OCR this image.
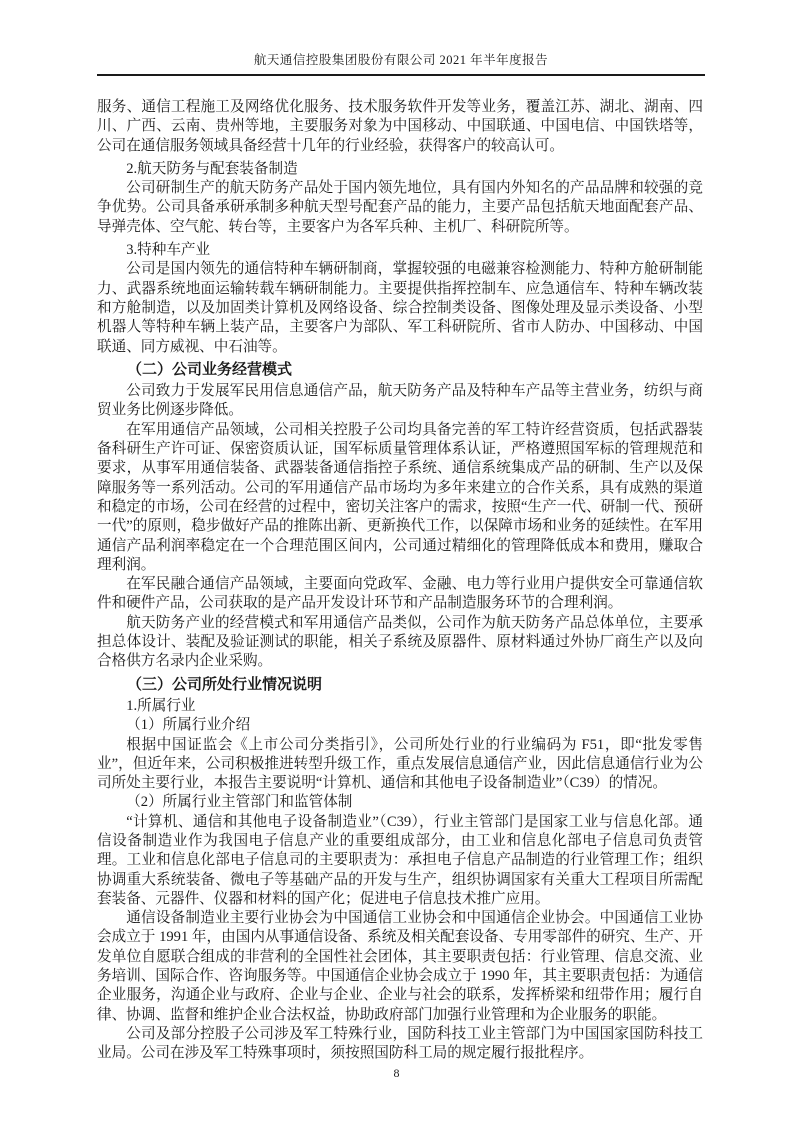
航天通信控股集团股份有限公司 2021 年半年度报告

服务、通信工程施工及网络优化服务、技术服务软件开发等业务，覆盖江苏、湖北、湖南、四川、广西、云南、贵州等地，主要服务对象为中国移动、中国联通、中国电信、中国铁塔等，公司在通信服务领域具备经营十几年的行业经验，获得客户的较高认可。

2.航天防务与配套装备制造

公司研制生产的航天防务产品处于国内领先地位，具有国内外知名的产品品牌和较强的竞争优势。公司具备承研承制多种航天型号配套产品的能力，主要产品包括航天地面配套产品、导弹壳体、空气舵、转台等，主要客户为各军兵种、主机厂、科研院所等。

3.特种车产业

公司是国内领先的通信特种车辆研制商，掌握较强的电磁兼容检测能力、特种方舱研制能力、武器系统地面运输转载车辆研制能力。主要提供指挥控制车、应急通信车、特种车辆改装和方舱制造，以及加固类计算机及网络设备、综合控制类设备、图像处理及显示类设备、小型机器人等特种车辆上装产品，主要客户为部队、军工科研院所、省市人防办、中国移动、中国联通、同方威视、中石油等。

（二）公司业务经营模式

公司致力于发展军民用信息通信产品，航天防务产品及特种车产品等主营业务，纺织与商贸业务比例逐步降低。

在军用通信产品领域，公司相关控股子公司均具备完善的军工特许经营资质，包括武器装备科研生产许可证、保密资质认证，国军标质量管理体系认证，严格遵照国军标的管理规范和要求，从事军用通信装备、武器装备通信指控子系统、通信系统集成产品的研制、生产以及保障服务等一系列活动。公司的军用通信产品市场均为多年来建立的合作关系，具有成熟的渠道和稳定的市场，公司在经营的过程中，密切关注客户的需求，按照“生产一代、研制一代、预研一代”的原则，稳步做好产品的推陈出新、更新换代工作，以保障市场和业务的延续性。在军用通信产品利润率稳定在一个合理范围区间内，公司通过精细化的管理降低成本和费用，赚取合理利润。

在军民融合通信产品领域，主要面向党政军、金融、电力等行业用户提供安全可靠通信软件和硬件产品，公司获取的是产品开发设计环节和产品制造服务环节的合理利润。

航天防务产业的经营模式和军用通信产品类似，公司作为航天防务产品总体单位，主要承担总体设计、装配及验证测试的职能，相关子系统及原器件、原材料通过外协厂商生产以及向合格供方名录内企业采购。

（三）公司所处行业情况说明

1.所属行业

（1）所属行业介绍

根据中国证监会《上市公司分类指引》，公司所处行业的行业编码为 F51，即“批发零售业”，但近年来，公司积极推进转型升级工作，重点发展信息通信产业，因此信息通信行业为公司所处主要行业，本报告主要说明“计算机、通信和其他电子设备制造业”（C39）的情况。

（2）所属行业主管部门和监管体制

“计算机、通信和其他电子设备制造业”（C39），行业主管部门是国家工业与信息化部。通信设备制造业作为我国电子信息产业的重要组成部分，由工业和信息化部电子信息司负责管理。工业和信息化部电子信息司的主要职责为：承担电子信息产品制造的行业管理工作；组织协调重大系统装备、微电子等基础产品的开发与生产，组织协调国家有关重大工程项目所需配套装备、元器件、仪器和材料的国产化；促进电子信息技术推广应用。

通信设备制造业主要行业协会为中国通信工业协会和中国通信企业协会。中国通信工业协会成立于 1991 年，由国内从事通信设备、系统及相关配套设备、专用零部件的研究、生产、开发单位自愿联合组成的非营利的全国性社会团体，其主要职责包括：行业管理、信息交流、业务培训、国际合作、咨询服务等。中国通信企业协会成立于 1990 年，其主要职责包括：为通信企业服务，沟通企业与政府、企业与企业、企业与社会的联系，发挥桥梁和纽带作用；履行自律、协调、监督和维护企业合法权益，协助政府部门加强行业管理和为企业服务的职能。

公司及部分控股子公司涉及军工特殊行业，国防科技工业主管部门为中国国家国防科技工业局。公司在涉及军工特殊事项时，须按照国防科工局的规定履行报批程序。

8
